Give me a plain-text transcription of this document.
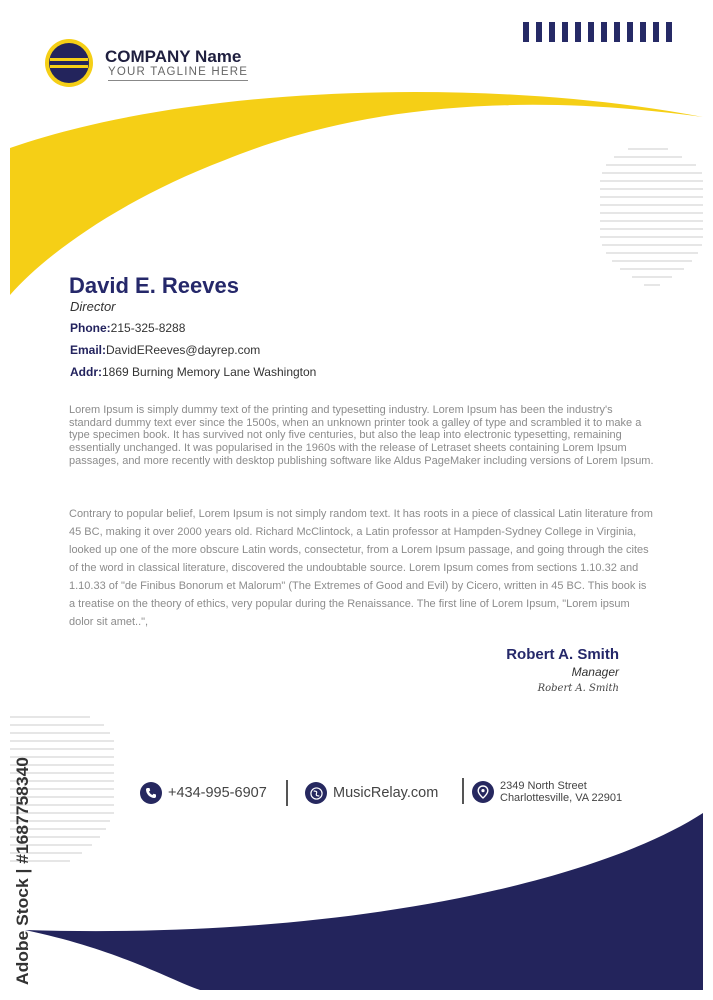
COMPANY Name
YOUR TAGLINE HERE
David E. Reeves
Director
Phone:215-325-8288
Email:DavidEReeves@dayrep.com
Addr:1869 Burning Memory Lane Washington
Lorem Ipsum is simply dummy text of the printing and typesetting industry. Lorem Ipsum has been the industry's standard dummy text ever since the 1500s, when an unknown printer took a galley of type and scrambled it to make a type specimen book. It has survived not only five centuries, but also the leap into electronic typesetting, remaining essentially unchanged. It was popularised in the 1960s with the release of Letraset sheets containing Lorem Ipsum passages, and more recently with desktop publishing software like Aldus PageMaker including versions of Lorem Ipsum.
Contrary to popular belief, Lorem Ipsum is not simply random text. It has roots in a piece of classical Latin literature from 45 BC, making it over 2000 years old. Richard McClintock, a Latin professor at Hampden-Sydney College in Virginia, looked up one of the more obscure Latin words, consectetur, from a Lorem Ipsum passage, and going through the cites of the word in classical literature, discovered the undoubtable source. Lorem Ipsum comes from sections 1.10.32 and 1.10.33 of "de Finibus Bonorum et Malorum" (The Extremes of Good and Evil) by Cicero, written in 45 BC. This book is a treatise on the theory of ethics, very popular during the Renaissance. The first line of Lorem Ipsum, "Lorem ipsum dolor sit amet..",
Robert A. Smith
Manager
Robert A. Smith
+434-995-6907	MusicRelay.com	2349 North Street
Charlottesville, VA 22901
Adobe Stock | #1687758340
